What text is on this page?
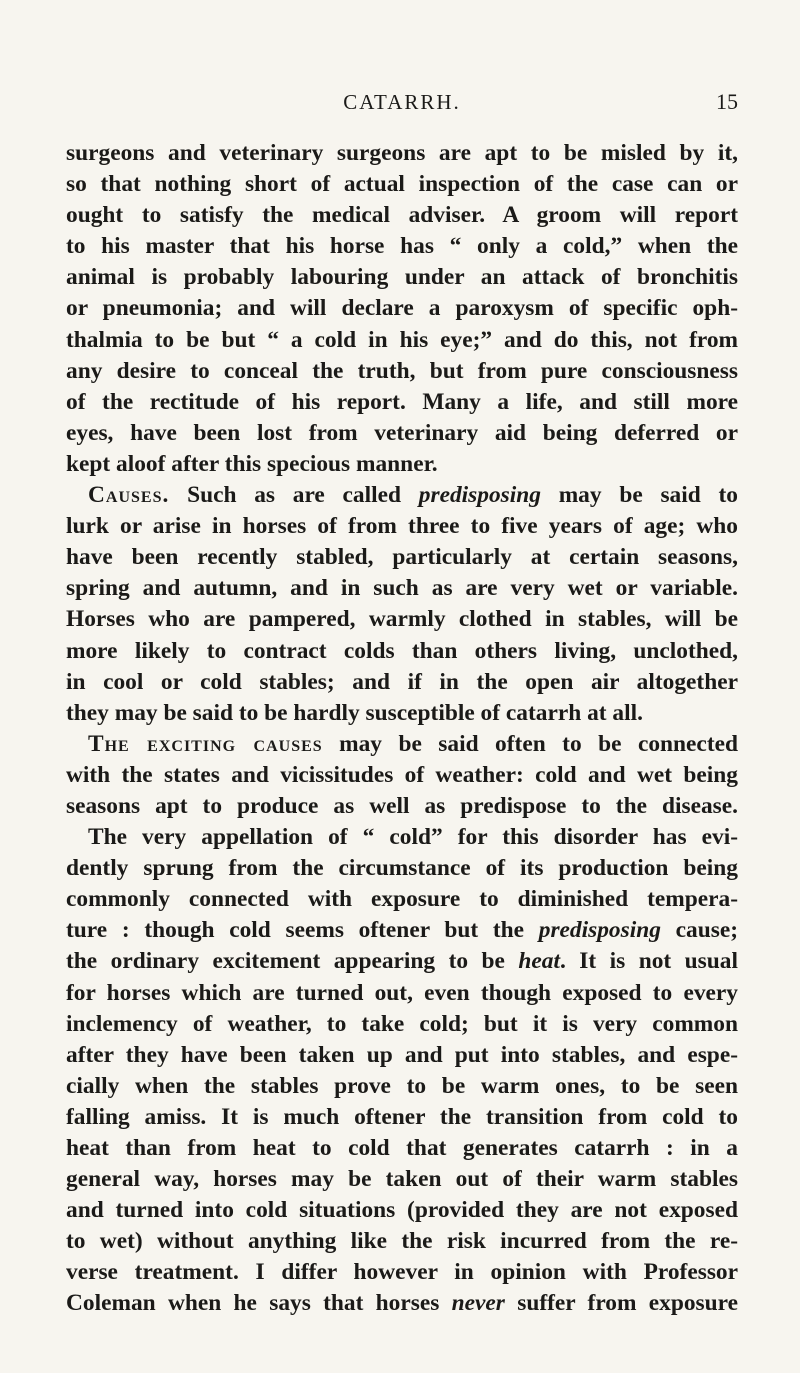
CATARRH.	15
surgeons and veterinary surgeons are apt to be misled by it,
so that nothing short of actual inspection of the case can or
ought to satisfy the medical adviser. A groom will report
to his master that his horse has “ only a cold,” when the
animal is probably labouring under an attack of bronchitis
or pneumonia; and will declare a paroxysm of specific oph-
thalmia to be but “ a cold in his eye;” and do this, not from
any desire to conceal the truth, but from pure consciousness
of the rectitude of his report. Many a life, and still more
eyes, have been lost from veterinary aid being deferred or
kept aloof after this specious manner.
Causes. Such as are called predisposing may be said to
lurk or arise in horses of from three to five years of age; who
have been recently stabled, particularly at certain seasons,
spring and autumn, and in such as are very wet or variable.
Horses who are pampered, warmly clothed in stables, will be
more likely to contract colds than others living, unclothed,
in cool or cold stables; and if in the open air altogether
they may be said to be hardly susceptible of catarrh at all.
The exciting causes may be said often to be connected
with the states and vicissitudes of weather: cold and wet being
seasons apt to produce as well as predispose to the disease.
The very appellation of “ cold” for this disorder has evi-
dently sprung from the circumstance of its production being
commonly connected with exposure to diminished tempera-
ture : though cold seems oftener but the predisposing cause;
the ordinary excitement appearing to be heat. It is not usual
for horses which are turned out, even though exposed to every
inclemency of weather, to take cold; but it is very common
after they have been taken up and put into stables, and espe-
cially when the stables prove to be warm ones, to be seen
falling amiss. It is much oftener the transition from cold to
heat than from heat to cold that generates catarrh : in a
general way, horses may be taken out of their warm stables
and turned into cold situations (provided they are not exposed
to wet) without anything like the risk incurred from the re-
verse treatment. I differ however in opinion with Professor
Coleman when he says that horses never suffer from exposure
